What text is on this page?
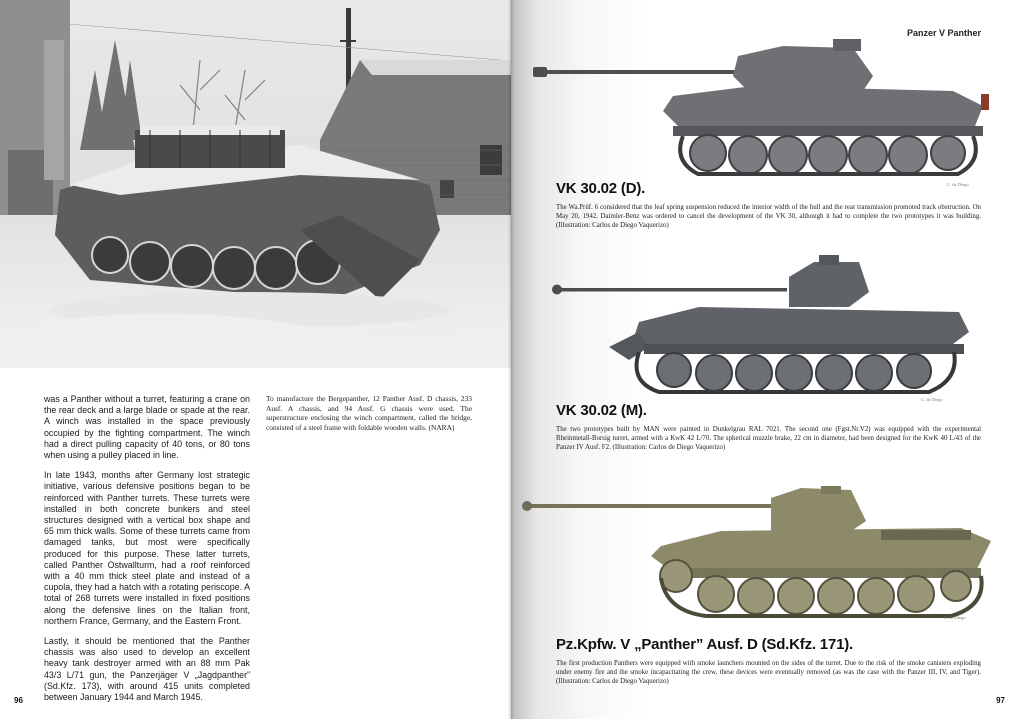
was a Panther without a turret, featuring a crane on the rear deck and a large blade or spade at the rear. A winch was installed in the space previously occupied by the fighting compartment. The winch had a direct pulling capacity of 40 tons, or 80 tons when using a pulley placed in line.

In late 1943, months after Germany lost strategic initiative, various defensive positions began to be reinforced with Panther turrets. These turrets were installed in both concrete bunkers and steel structures designed with a vertical box shape and 65 mm thick walls. Some of these turrets came from damaged tanks, but most were specifically produced for this purpose. These latter turrets, called Panther Ostwallturm, had a roof reinforced with a 40 mm thick steel plate and instead of a cupola, they had a hatch with a rotating periscope. A total of 268 turrets were installed in fixed positions along the defensive lines on the Italian front, northern France, Germany, and the Eastern Front.

Lastly, it should be mentioned that the Panther chassis was also used to develop an excellent heavy tank destroyer armed with an 88 mm Pak 43/3 L/71 gun, the Panzerjäger V „Jagdpanther” (Sd.Kfz. 173), with around 415 units completed between January 1944 and March 1945.

To manufacture the Bergepanther, 12 Panther Ausf. D chassis, 233 Ausf. A chassis, and 94 Ausf. G chassis were used. The superstructure enclosing the winch compartment, called the bridge, consisted of a steel frame with foldable wooden walls. (NARA)
96
Panzer V Panther
C. de Diego
VK 30.02 (D).
The Wa.Prüf. 6 considered that the leaf spring suspension reduced the interior width of the hull and the rear transmission promoted track obstruction. On May 20, 1942, Daimler-Benz was ordered to cancel the development of the VK 30, although it had to complete the two prototypes it was building. (Illustration: Carlos de Diego Vaquerizo)
C. de Diego
VK 30.02 (M).
The two prototypes built by MAN were painted in Dunkelgrau RAL 7021. The second one (Fgst.Nr.V2) was equipped with the experimental Rheinmetall-Borsig turret, armed with a KwK 42 L/70. The spherical muzzle brake, 22 cm in diameter, had been designed for the KwK 40 L/43 of the Panzer IV Ausf. F2. (Illustration: Carlos de Diego Vaquerizo)
C. de Diego
Pz.Kpfw. V „Panther” Ausf. D (Sd.Kfz. 171).
The first production Panthers were equipped with smoke launchers mounted on the sides of the turret. Due to the risk of the smoke canisters exploding under enemy fire and the smoke incapacitating the crew, these devices were eventually removed (as was the case with the Panzer III, IV, and Tiger). (Illustration: Carlos de Diego Vaquerizo)
97
